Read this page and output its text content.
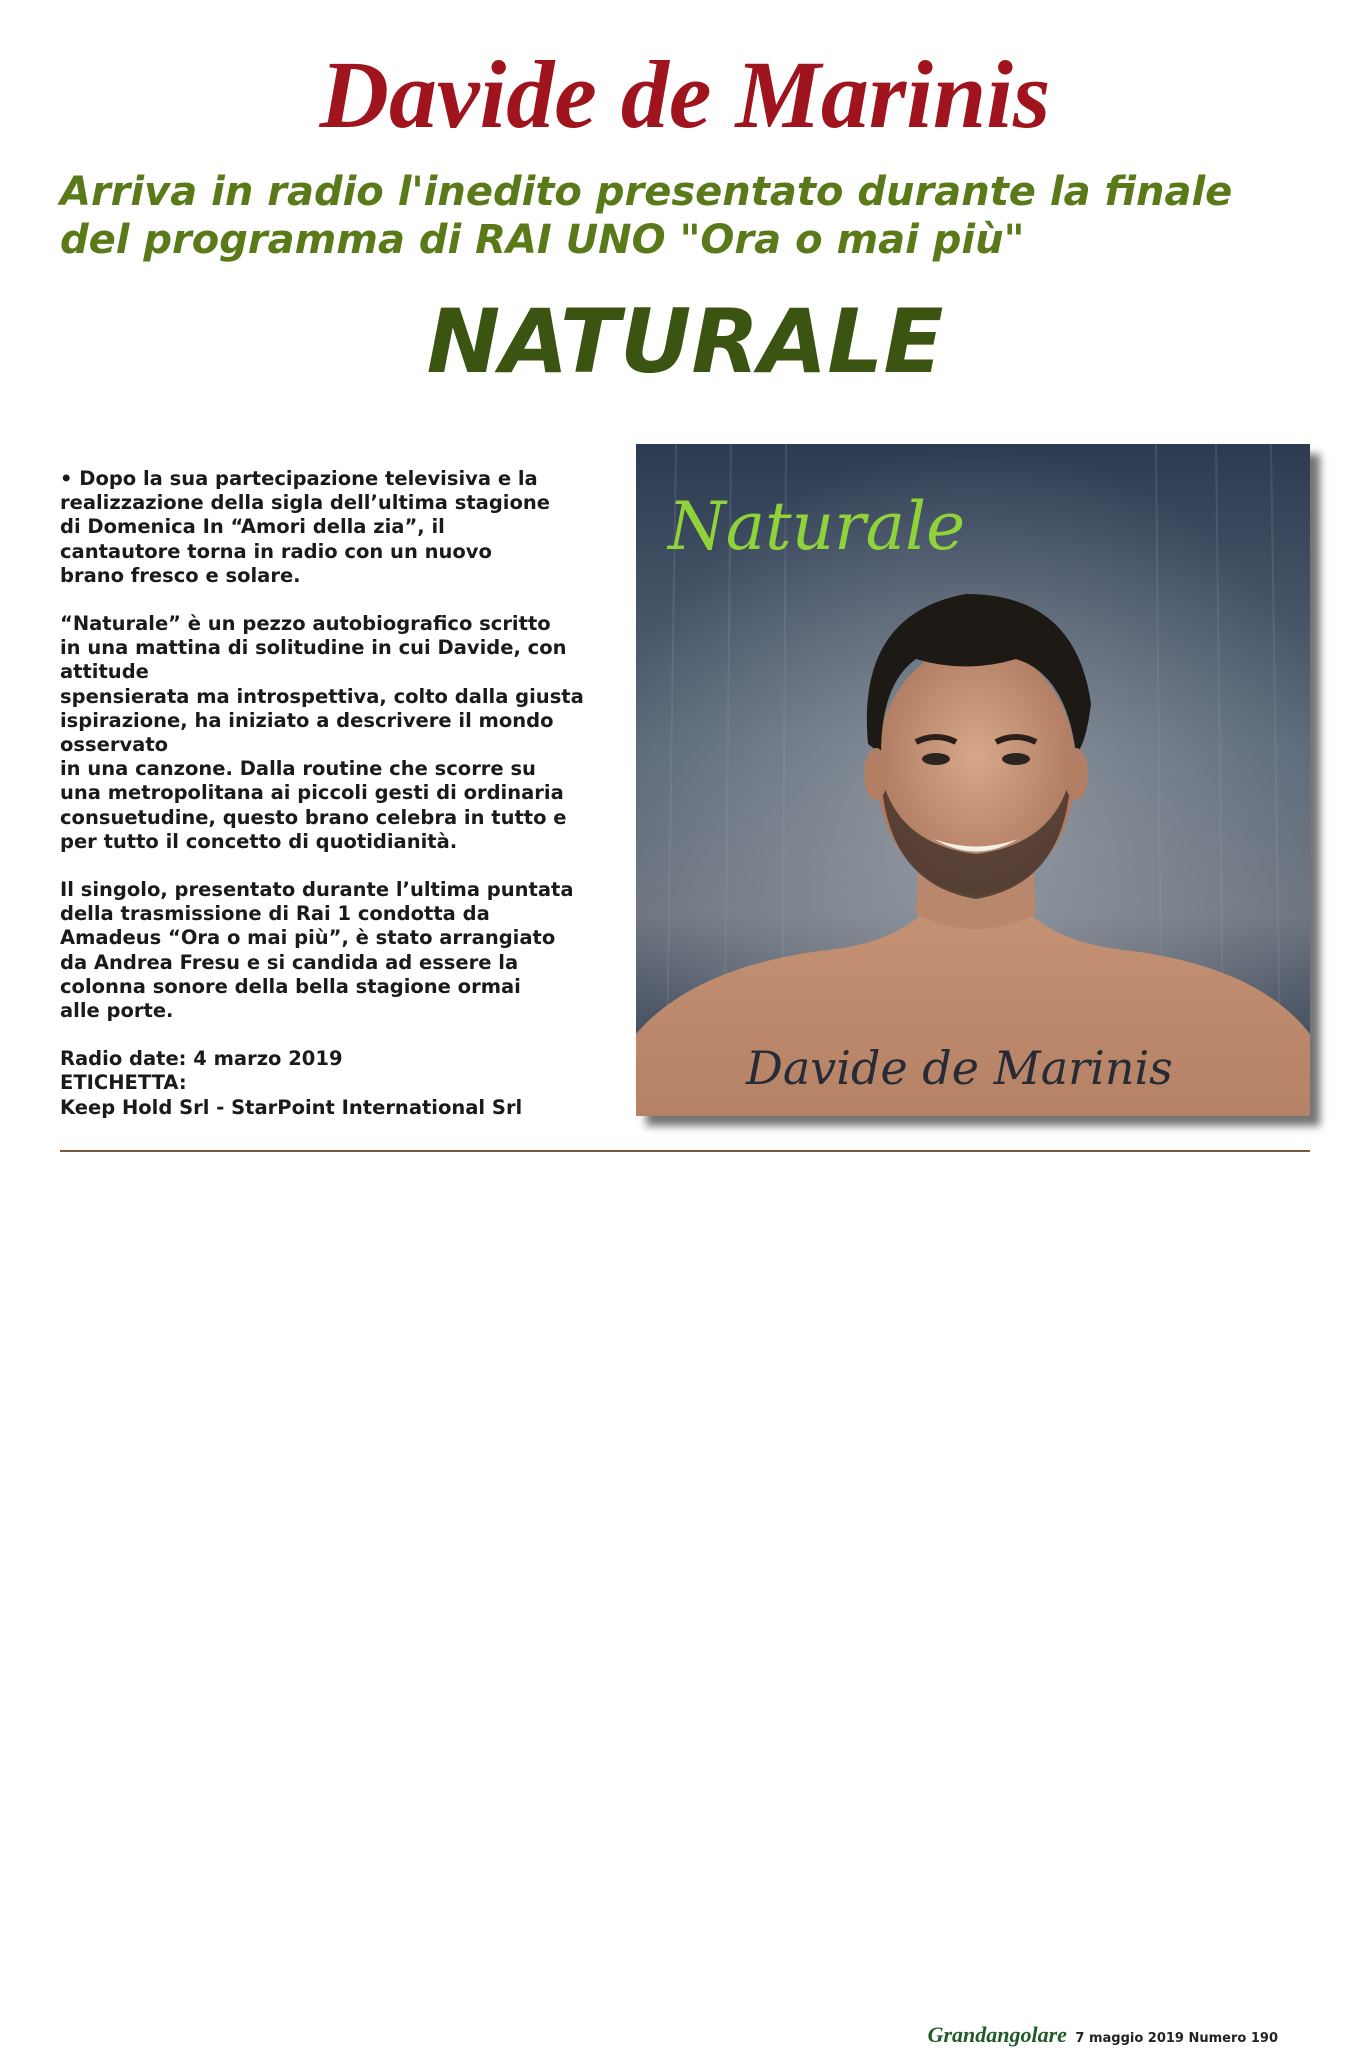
Davide de Marinis
Arriva in radio l'inedito presentato durante la finale
del programma di RAI UNO "Ora o mai più"
NATURALE

• Dopo la sua partecipazione televisiva e la
realizzazione della sigla dell’ultima stagione
di Domenica In “Amori della zia”, il
cantautore torna in radio con un nuovo
brano fresco e solare.

“Naturale” è un pezzo autobiografico scritto
in una mattina di solitudine in cui Davide, con
attitude
spensierata ma introspettiva, colto dalla giusta
ispirazione, ha iniziato a descrivere il mondo
osservato
in una canzone. Dalla routine che scorre su
una metropolitana ai piccoli gesti di ordinaria
consuetudine, questo brano celebra in tutto e
per tutto il concetto di quotidianità.

Il singolo, presentato durante l’ultima puntata
della trasmissione di Rai 1 condotta da
Amadeus “Ora o mai più”, è stato arrangiato
da Andrea Fresu e si candida ad essere la
colonna sonore della bella stagione ormai
alle porte.

Radio date: 4 marzo 2019
ETICHETTA:
Keep Hold Srl - StarPoint International Srl

Naturale
Davide de Marinis
Grandangolare 7 maggio 2019 Numero 190
